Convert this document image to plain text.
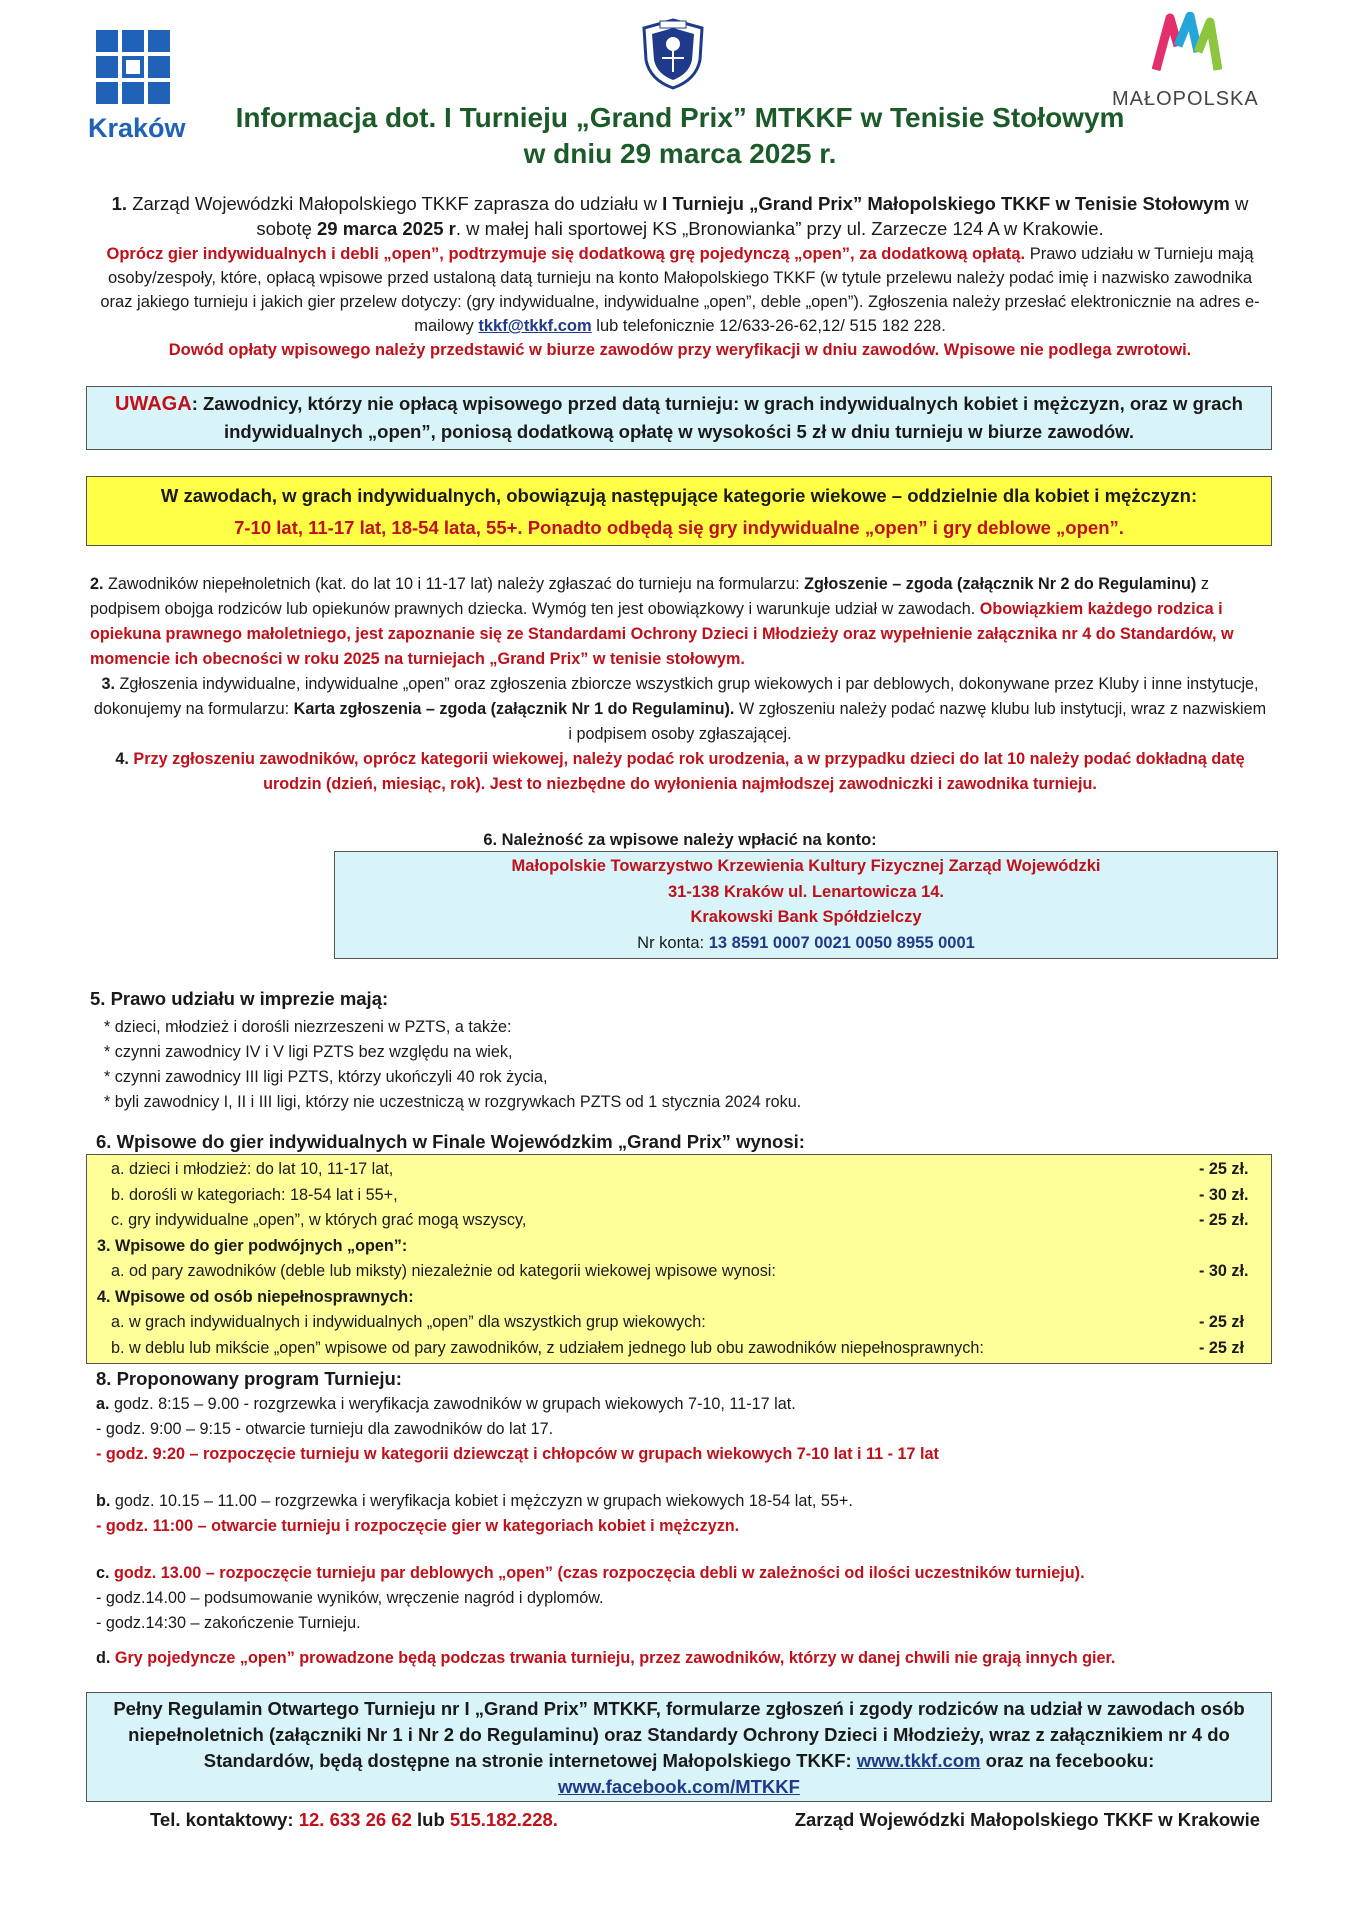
Kraków
MAŁOPOLSKA
Informacja dot. I Turnieju „Grand Prix” MTKKF w Tenisie Stołowym
w dniu 29 marca 2025 r.
1. Zarząd Wojewódzki Małopolskiego TKKF zaprasza do udziału w I Turnieju „Grand Prix” Małopolskiego TKKF w Tenisie Stołowym w sobotę 29 marca 2025 r. w małej hali sportowej KS „Bronowianka” przy ul. Zarzecze 124 A w Krakowie.
Oprócz gier indywidualnych i debli „open”, podtrzymuje się dodatkową grę pojedynczą „open”, za dodatkową opłatą. Prawo udziału w Turnieju mają osoby/zespoły, które, opłacą wpisowe przed ustaloną datą turnieju na konto Małopolskiego TKKF (w tytule przelewu należy podać imię i nazwisko zawodnika oraz jakiego turnieju i jakich gier przelew dotyczy: (gry indywidualne, indywidualne „open”, deble „open”). Zgłoszenia należy przesłać elektronicznie na adres e-mailowy tkkf@tkkf.com lub telefonicznie 12/633-26-62,12/ 515 182 228.
Dowód opłaty wpisowego należy przedstawić w biurze zawodów przy weryfikacji w dniu zawodów. Wpisowe nie podlega zwrotowi.
UWAGA: Zawodnicy, którzy nie opłacą wpisowego przed datą turnieju: w grach indywidualnych kobiet i mężczyzn, oraz w grach indywidualnych „open”, poniosą dodatkową opłatę w wysokości 5 zł w dniu turnieju w biurze zawodów.
W zawodach, w grach indywidualnych, obowiązują następujące kategorie wiekowe – oddzielnie dla kobiet i mężczyzn:
7-10 lat, 11-17 lat, 18-54 lata, 55+. Ponadto odbędą się gry indywidualne „open” i gry deblowe „open”.
2. Zawodników niepełnoletnich (kat. do lat 10 i 11-17 lat) należy zgłaszać do turnieju na formularzu: Zgłoszenie – zgoda (załącznik Nr 2 do Regulaminu) z podpisem obojga rodziców lub opiekunów prawnych dziecka. Wymóg ten jest obowiązkowy i warunkuje udział w zawodach. Obowiązkiem każdego rodzica i opiekuna prawnego małoletniego, jest zapoznanie się ze Standardami Ochrony Dzieci i Młodzieży oraz wypełnienie załącznika nr 4 do Standardów, w momencie ich obecności w roku 2025 na turniejach „Grand Prix” w tenisie stołowym.
3. Zgłoszenia indywidualne, indywidualne „open” oraz zgłoszenia zbiorcze wszystkich grup wiekowych i par deblowych, dokonywane przez Kluby i inne instytucje, dokonujemy na formularzu: Karta zgłoszenia – zgoda (załącznik Nr 1 do Regulaminu). W zgłoszeniu należy podać nazwę klubu lub instytucji, wraz z nazwiskiem i podpisem osoby zgłaszającej.
4. Przy zgłoszeniu zawodników, oprócz kategorii wiekowej, należy podać rok urodzenia, a w przypadku dzieci do lat 10 należy podać dokładną datę urodzin (dzień, miesiąc, rok). Jest to niezbędne do wyłonienia najmłodszej zawodniczki i zawodnika turnieju.
6. Należność za wpisowe należy wpłacić na konto:
Małopolskie Towarzystwo Krzewienia Kultury Fizycznej Zarząd Wojewódzki
31-138 Kraków ul. Lenartowicza 14.
Krakowski Bank Spółdzielczy
Nr konta: 13 8591 0007 0021 0050 8955 0001
5. Prawo udziału w imprezie mają:
* dzieci, młodzież i dorośli niezrzeszeni w PZTS, a także:
* czynni zawodnicy IV i V ligi PZTS bez względu na wiek,
* czynni zawodnicy III ligi PZTS, którzy ukończyli 40 rok życia,
* byli zawodnicy I, II i III ligi, którzy nie uczestniczą w rozgrywkach PZTS od 1 stycznia 2024 roku.
6. Wpisowe do gier indywidualnych w Finale Wojewódzkim „Grand Prix” wynosi:
a. dzieci i młodzież: do lat 10, 11-17 lat,	- 25 zł.
b. dorośli w kategoriach: 18-54 lat i 55+,	- 30 zł.
c. gry indywidualne „open”, w których grać mogą wszyscy,	- 25 zł.
3. Wpisowe do gier podwójnych „open”:
a. od pary zawodników (deble lub miksty) niezależnie od kategorii wiekowej wpisowe wynosi:	- 30 zł.
4. Wpisowe od osób niepełnosprawnych:
a. w grach indywidualnych i indywidualnych „open” dla wszystkich grup wiekowych:	- 25 zł
b. w deblu lub mikście „open” wpisowe od pary zawodników, z udziałem jednego lub obu zawodników niepełnosprawnych:	- 25 zł
8. Proponowany program Turnieju:
a. godz. 8:15 – 9.00 - rozgrzewka i weryfikacja zawodników w grupach wiekowych 7-10, 11-17 lat.
- godz. 9:00 – 9:15 - otwarcie turnieju dla zawodników do lat 17.
- godz. 9:20 – rozpoczęcie turnieju w kategorii dziewcząt i chłopców w grupach wiekowych 7-10 lat i 11 - 17 lat
b. godz. 10.15 – 11.00 – rozgrzewka i weryfikacja kobiet i mężczyzn w grupach wiekowych 18-54 lat, 55+.
- godz. 11:00 – otwarcie turnieju i rozpoczęcie gier w kategoriach kobiet i mężczyzn.
c. godz. 13.00 – rozpoczęcie turnieju par deblowych „open” (czas rozpoczęcia debli w zależności od ilości uczestników turnieju).
- godz.14.00 – podsumowanie wyników, wręczenie nagród i dyplomów.
- godz.14:30 – zakończenie Turnieju.
d. Gry pojedyncze „open” prowadzone będą podczas trwania turnieju, przez zawodników, którzy w danej chwili nie grają innych gier.
Pełny Regulamin Otwartego Turnieju nr I „Grand Prix” MTKKF, formularze zgłoszeń i zgody rodziców na udział w zawodach osób niepełnoletnich (załączniki Nr 1 i Nr 2 do Regulaminu) oraz Standardy Ochrony Dzieci i Młodzieży, wraz z załącznikiem nr 4 do Standardów, będą dostępne na stronie internetowej Małopolskiego TKKF: www.tkkf.com oraz na fecebooku:
www.facebook.com/MTKKF
Tel. kontaktowy: 12. 633 26 62 lub 515.182.228.	Zarząd Wojewódzki Małopolskiego TKKF w Krakowie
